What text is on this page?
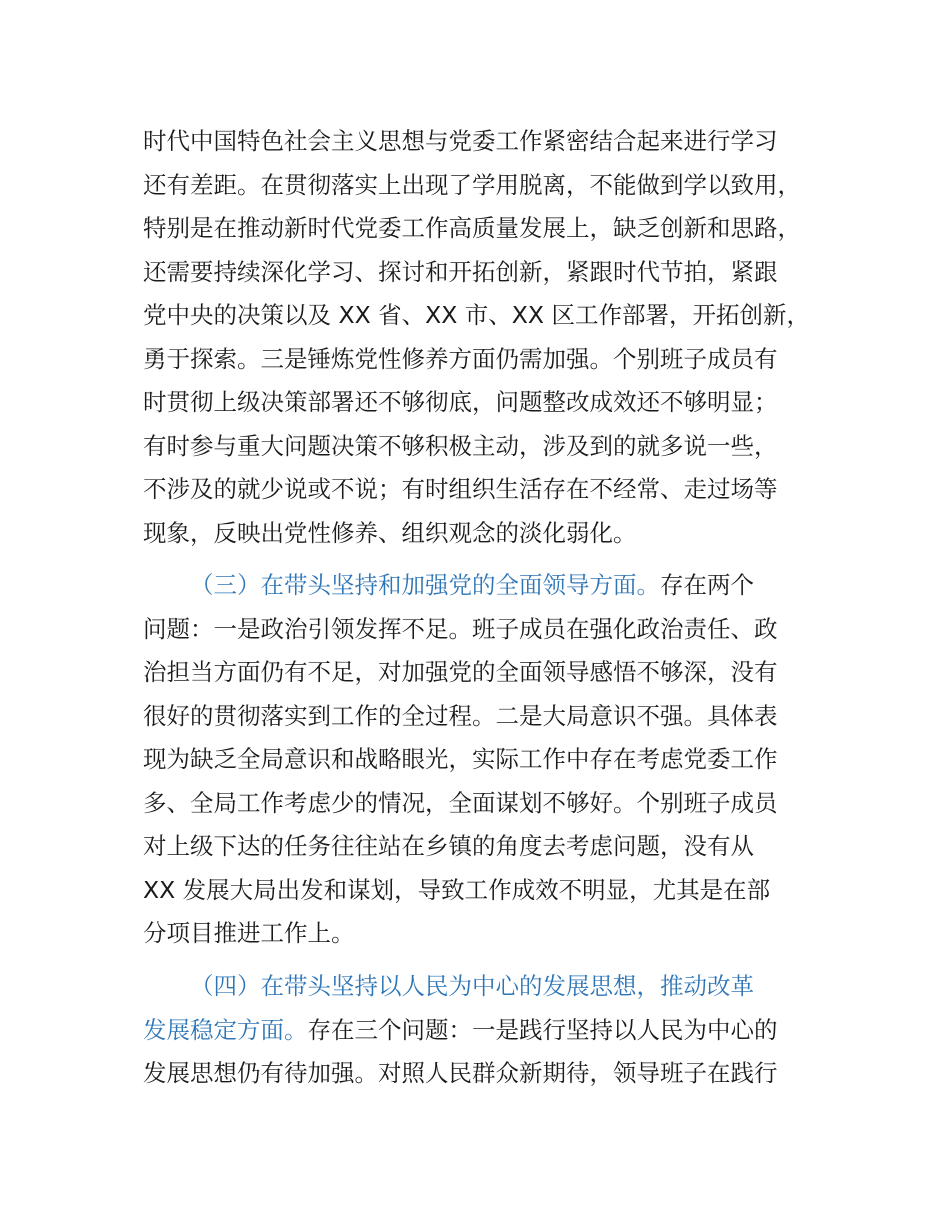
时代中国特色社会主义思想与党委工作紧密结合起来进行学习
还有差距。在贯彻落实上出现了学用脱离，不能做到学以致用，
特别是在推动新时代党委工作高质量发展上，缺乏创新和思路，
还需要持续深化学习、探讨和开拓创新，紧跟时代节拍，紧跟
党中央的决策以及 XX 省、XX 市、XX 区工作部署，开拓创新，
勇于探索。三是锤炼党性修养方面仍需加强。个别班子成员有
时贯彻上级决策部署还不够彻底，问题整改成效还不够明显；
有时参与重大问题决策不够积极主动，涉及到的就多说一些，
不涉及的就少说或不说；有时组织生活存在不经常、走过场等
现象，反映出党性修养、组织观念的淡化弱化。
（三）在带头坚持和加强党的全面领导方面。存在两个
问题：一是政治引领发挥不足。班子成员在强化政治责任、政
治担当方面仍有不足，对加强党的全面领导感悟不够深，没有
很好的贯彻落实到工作的全过程。二是大局意识不强。具体表
现为缺乏全局意识和战略眼光，实际工作中存在考虑党委工作
多、全局工作考虑少的情况，全面谋划不够好。个别班子成员
对上级下达的任务往往站在乡镇的角度去考虑问题，没有从
XX 发展大局出发和谋划，导致工作成效不明显，尤其是在部
分项目推进工作上。
（四）在带头坚持以人民为中心的发展思想，推动改革
发展稳定方面。存在三个问题：一是践行坚持以人民为中心的
发展思想仍有待加强。对照人民群众新期待，领导班子在践行
